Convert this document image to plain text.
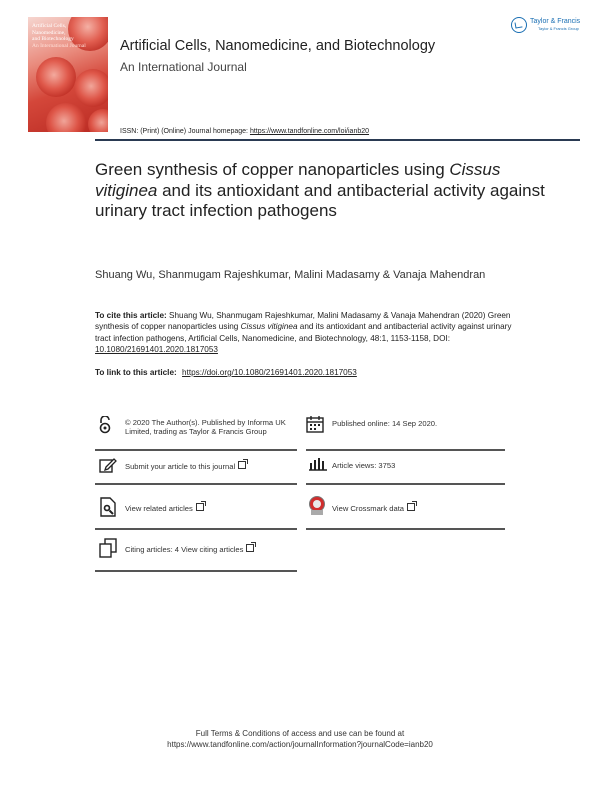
Artificial Cells,
Nanomedicine,
and Biotechnology
An International Journal Artificial Cells, Nanomedicine, and Biotechnology
An International Journal
ISSN: (Print) (Online) Journal homepage: https://www.tandfonline.com/loi/ianb20
Taylor & Francis
Taylor & Francis Group
Green synthesis of copper nanoparticles using Cissus vitiginea and its antioxidant and antibacterial activity against urinary tract infection pathogens
Shuang Wu, Shanmugam Rajeshkumar, Malini Madasamy & Vanaja Mahendran
To cite this article: Shuang Wu, Shanmugam Rajeshkumar, Malini Madasamy & Vanaja Mahendran (2020) Green synthesis of copper nanoparticles using Cissus vitiginea and its antioxidant and antibacterial activity against urinary tract infection pathogens, Artificial Cells, Nanomedicine, and Biotechnology, 48:1, 1153-1158, DOI: 10.1080/21691401.2020.1817053
To link to this article: https://doi.org/10.1080/21691401.2020.1817053
© 2020 The Author(s). Published by Informa UK Limited, trading as Taylor & Francis Group
Published online: 14 Sep 2020.
Submit your article to this journal	Article views: 3753
View related articles	View Crossmark data
Citing articles: 4 View citing articles
Full Terms & Conditions of access and use can be found at
https://www.tandfonline.com/action/journalInformation?journalCode=ianb20
